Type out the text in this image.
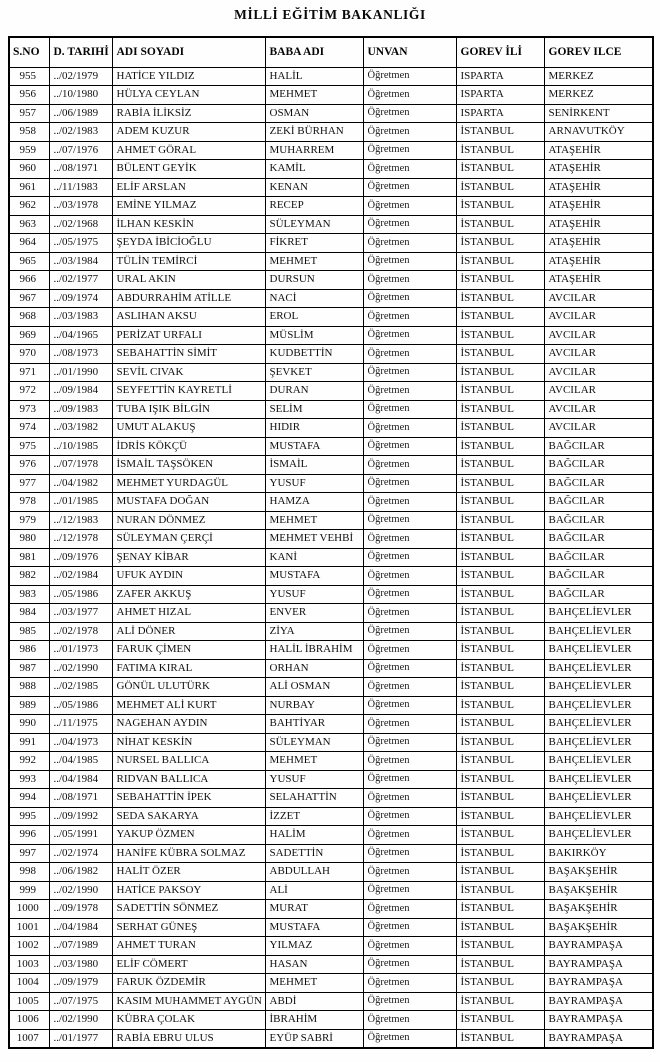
MİLLİ EĞİTİM BAKANLIĞI
S.NO	D. TARIHİ	ADI SOYADI	BABA ADI	UNVAN	GOREV İLİ	GOREV ILCE
955	../02/1979	HATİCE YILDIZ	HALİL	Öğretmen	ISPARTA	MERKEZ
956	../10/1980	HÜLYA CEYLAN	MEHMET	Öğretmen	ISPARTA	MERKEZ
957	../06/1989	RABİA İLİKSİZ	OSMAN	Öğretmen	ISPARTA	SENİRKENT
958	../02/1983	ADEM KUZUR	ZEKİ BÜRHAN	Öğretmen	İSTANBUL	ARNAVUTKÖY
959	../07/1976	AHMET GÖRAL	MUHARREM	Öğretmen	İSTANBUL	ATAŞEHİR
960	../08/1971	BÜLENT GEYİK	KAMİL	Öğretmen	İSTANBUL	ATAŞEHİR
961	../11/1983	ELİF ARSLAN	KENAN	Öğretmen	İSTANBUL	ATAŞEHİR
962	../03/1978	EMİNE YILMAZ	RECEP	Öğretmen	İSTANBUL	ATAŞEHİR
963	../02/1968	İLHAN KESKİN	SÜLEYMAN	Öğretmen	İSTANBUL	ATAŞEHİR
964	../05/1975	ŞEYDA İBİCİOĞLU	FİKRET	Öğretmen	İSTANBUL	ATAŞEHİR
965	../03/1984	TÜLİN TEMİRCİ	MEHMET	Öğretmen	İSTANBUL	ATAŞEHİR
966	../02/1977	URAL AKIN	DURSUN	Öğretmen	İSTANBUL	ATAŞEHİR
967	../09/1974	ABDURRAHİM ATİLLE	NACİ	Öğretmen	İSTANBUL	AVCILAR
968	../03/1983	ASLIHAN AKSU	EROL	Öğretmen	İSTANBUL	AVCILAR
969	../04/1965	PERİZAT URFALI	MÜSLİM	Öğretmen	İSTANBUL	AVCILAR
970	../08/1973	SEBAHATTİN SİMİT	KUDBETTİN	Öğretmen	İSTANBUL	AVCILAR
971	../01/1990	SEVİL CIVAK	ŞEVKET	Öğretmen	İSTANBUL	AVCILAR
972	../09/1984	SEYFETTİN KAYRETLİ	DURAN	Öğretmen	İSTANBUL	AVCILAR
973	../09/1983	TUBA IŞIK BİLGİN	SELİM	Öğretmen	İSTANBUL	AVCILAR
974	../03/1982	UMUT ALAKUŞ	HIDIR	Öğretmen	İSTANBUL	AVCILAR
975	../10/1985	İDRİS KÖKÇÜ	MUSTAFA	Öğretmen	İSTANBUL	BAĞCILAR
976	../07/1978	İSMAİL TAŞSÖKEN	İSMAİL	Öğretmen	İSTANBUL	BAĞCILAR
977	../04/1982	MEHMET YURDAGÜL	YUSUF	Öğretmen	İSTANBUL	BAĞCILAR
978	../01/1985	MUSTAFA DOĞAN	HAMZA	Öğretmen	İSTANBUL	BAĞCILAR
979	../12/1983	NURAN DÖNMEZ	MEHMET	Öğretmen	İSTANBUL	BAĞCILAR
980	../12/1978	SÜLEYMAN ÇERÇİ	MEHMET VEHBİ	Öğretmen	İSTANBUL	BAĞCILAR
981	../09/1976	ŞENAY KİBAR	KANİ	Öğretmen	İSTANBUL	BAĞCILAR
982	../02/1984	UFUK AYDIN	MUSTAFA	Öğretmen	İSTANBUL	BAĞCILAR
983	../05/1986	ZAFER AKKUŞ	YUSUF	Öğretmen	İSTANBUL	BAĞCILAR
984	../03/1977	AHMET HIZAL	ENVER	Öğretmen	İSTANBUL	BAHÇELİEVLER
985	../02/1978	ALİ DÖNER	ZİYA	Öğretmen	İSTANBUL	BAHÇELİEVLER
986	../01/1973	FARUK ÇİMEN	HALİL İBRAHİM	Öğretmen	İSTANBUL	BAHÇELİEVLER
987	../02/1990	FATIMA KIRAL	ORHAN	Öğretmen	İSTANBUL	BAHÇELİEVLER
988	../02/1985	GÖNÜL ULUTÜRK	ALİ OSMAN	Öğretmen	İSTANBUL	BAHÇELİEVLER
989	../05/1986	MEHMET ALİ KURT	NURBAY	Öğretmen	İSTANBUL	BAHÇELİEVLER
990	../11/1975	NAGEHAN AYDIN	BAHTİYAR	Öğretmen	İSTANBUL	BAHÇELİEVLER
991	../04/1973	NİHAT KESKİN	SÜLEYMAN	Öğretmen	İSTANBUL	BAHÇELİEVLER
992	../04/1985	NURSEL BALLICA	MEHMET	Öğretmen	İSTANBUL	BAHÇELİEVLER
993	../04/1984	RIDVAN BALLICA	YUSUF	Öğretmen	İSTANBUL	BAHÇELİEVLER
994	../08/1971	SEBAHATTİN İPEK	SELAHATTİN	Öğretmen	İSTANBUL	BAHÇELİEVLER
995	../09/1992	SEDA SAKARYA	İZZET	Öğretmen	İSTANBUL	BAHÇELİEVLER
996	../05/1991	YAKUP ÖZMEN	HALİM	Öğretmen	İSTANBUL	BAHÇELİEVLER
997	../02/1974	HANİFE KÜBRA SOLMAZ	SADETTİN	Öğretmen	İSTANBUL	BAKIRKÖY
998	../06/1982	HALİT ÖZER	ABDULLAH	Öğretmen	İSTANBUL	BAŞAKŞEHİR
999	../02/1990	HATİCE PAKSOY	ALİ	Öğretmen	İSTANBUL	BAŞAKŞEHİR
1000	../09/1978	SADETTİN SÖNMEZ	MURAT	Öğretmen	İSTANBUL	BAŞAKŞEHİR
1001	../04/1984	SERHAT GÜNEŞ	MUSTAFA	Öğretmen	İSTANBUL	BAŞAKŞEHİR
1002	../07/1989	AHMET TURAN	YILMAZ	Öğretmen	İSTANBUL	BAYRAMPAŞA
1003	../03/1980	ELİF CÖMERT	HASAN	Öğretmen	İSTANBUL	BAYRAMPAŞA
1004	../09/1979	FARUK ÖZDEMİR	MEHMET	Öğretmen	İSTANBUL	BAYRAMPAŞA
1005	../07/1975	KASIM MUHAMMET AYGÜN	ABDİ	Öğretmen	İSTANBUL	BAYRAMPAŞA
1006	../02/1990	KÜBRA ÇOLAK	İBRAHİM	Öğretmen	İSTANBUL	BAYRAMPAŞA
1007	../01/1977	RABİA EBRU ULUS	EYÜP SABRİ	Öğretmen	İSTANBUL	BAYRAMPAŞA
